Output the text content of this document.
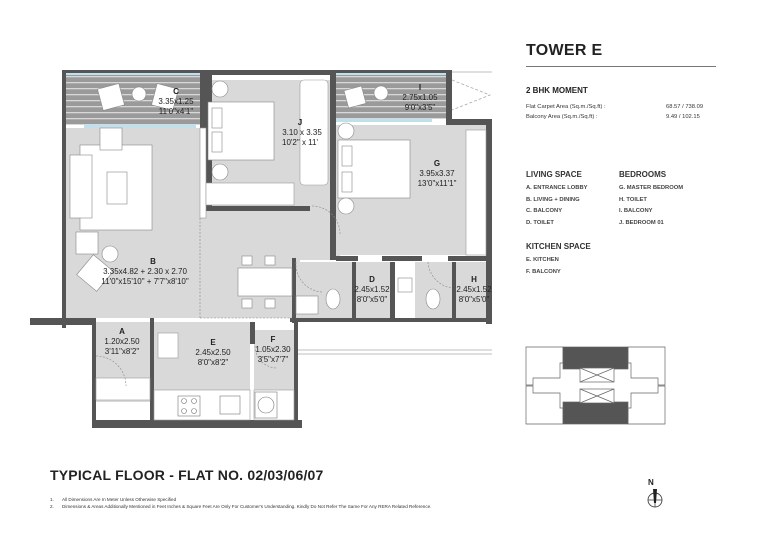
C
3.35x1.25
11'0"x4'1"
J
3.10 x 3.35
10'2" x 11'
I
2.75x1.05
9'0"x3'5"
G
3.95x3.37
13'0"x11'1"
B
3.35x4.82 + 2.30 x 2.70
11'0"x15'10" + 7'7"x8'10"	D
2.45x1.52
8'0"x5'0"
H
2.45x1.52
8'0"x5'0"
A
1.20x2.50
3'11"x8'2"
E
2.45x2.50
8'0"x8'2"
F
1.05x2.30
3'5"x7'7"
TOWER E
2 BHK MOMENT
Flat Carpet Area (Sq.m./Sq.ft) :	68.57 / 738.09
Balcony Area (Sq.m./Sq.ft) :	9.49 / 102.15
LIVING SPACE
A. ENTRANCE LOBBY
B. LIVING + DINING
C. BALCONY
D. TOILET
BEDROOMS
G. MASTER BEDROOM
H. TOILET
I. BALCONY
J. BEDROOM 01
KITCHEN SPACE
E. KITCHEN
F. BALCONY
TYPICAL FLOOR - FLAT NO. 02/03/06/07
1. All Dimensions Are In Meter Unless Otherwise Specified
2. Dimensions & Areas Additionally Mentioned in Feet Inches & Square Feet Are Only For Customer's Understanding. Kindly Do Not Refer The Same For Any RERA Related Reference.
N
